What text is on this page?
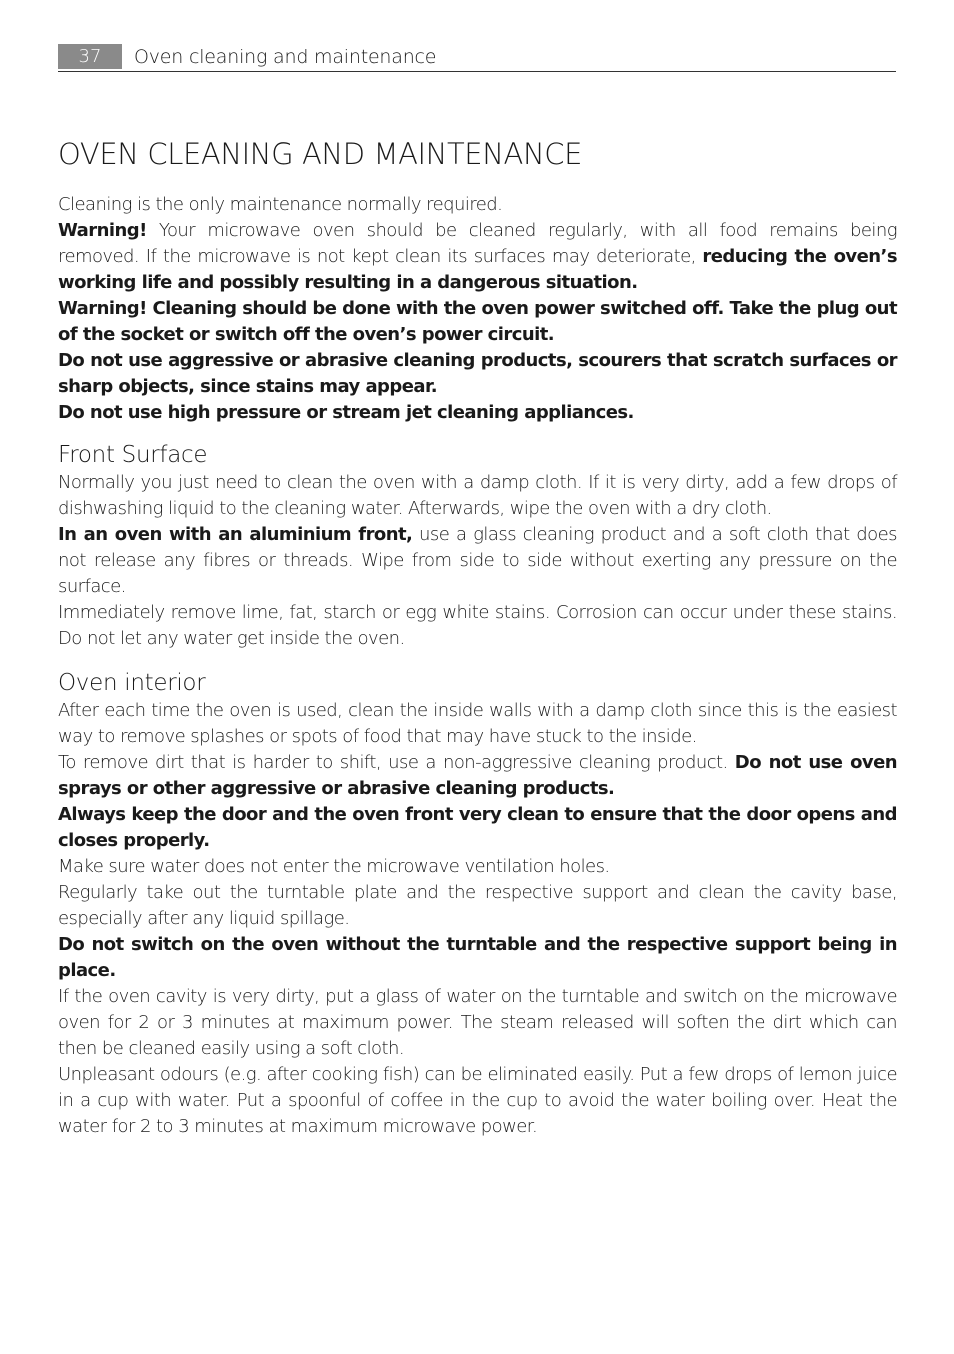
37	Oven cleaning and maintenance
OVEN CLEANING AND MAINTENANCE

Cleaning is the only maintenance normally required.

Warning! Your microwave oven should be cleaned regularly, with all food remains being removed. If the microwave is not kept clean its surfaces may deteriorate, reducing the oven’s working life and possibly resulting in a dangerous situation.

Warning! Cleaning should be done with the oven power switched off. Take the plug out of the socket or switch off the oven’s power circuit.

Do not use aggressive or abrasive cleaning products, scourers that scratch surfaces or sharp objects, since stains may appear.

Do not use high pressure or stream jet cleaning appliances.

Front Surface

Normally you just need to clean the oven with a damp cloth. If it is very dirty, add a few drops of dishwashing liquid to the cleaning water. Afterwards, wipe the oven with a dry cloth.

In an oven with an aluminium front, use a glass cleaning product and a soft cloth that does not release any fibres or threads. Wipe from side to side without exerting any pressure on the surface.

Immediately remove lime, fat, starch or egg white stains. Corrosion can occur under these stains. Do not let any water get inside the oven.

Oven interior

After each time the oven is used, clean the inside walls with a damp cloth since this is the easiest way to remove splashes or spots of food that may have stuck to the inside.

To remove dirt that is harder to shift, use a non-aggressive cleaning product. Do not use oven sprays or other aggressive or abrasive cleaning products.

Always keep the door and the oven front very clean to ensure that the door opens and closes properly.

Make sure water does not enter the microwave ventilation holes.

Regularly take out the turntable plate and the respective support and clean the cavity base, especially after any liquid spillage.

Do not switch on the oven without the turntable and the respective support being in place.

If the oven cavity is very dirty, put a glass of water on the turntable and switch on the microwave oven for 2 or 3 minutes at maximum power. The steam released will soften the dirt which can then be cleaned easily using a soft cloth.

Unpleasant odours (e.g. after cooking fish) can be eliminated easily. Put a few drops of lemon juice in a cup with water. Put a spoonful of coffee in the cup to avoid the water boiling over. Heat the water for 2 to 3 minutes at maximum microwave power.
